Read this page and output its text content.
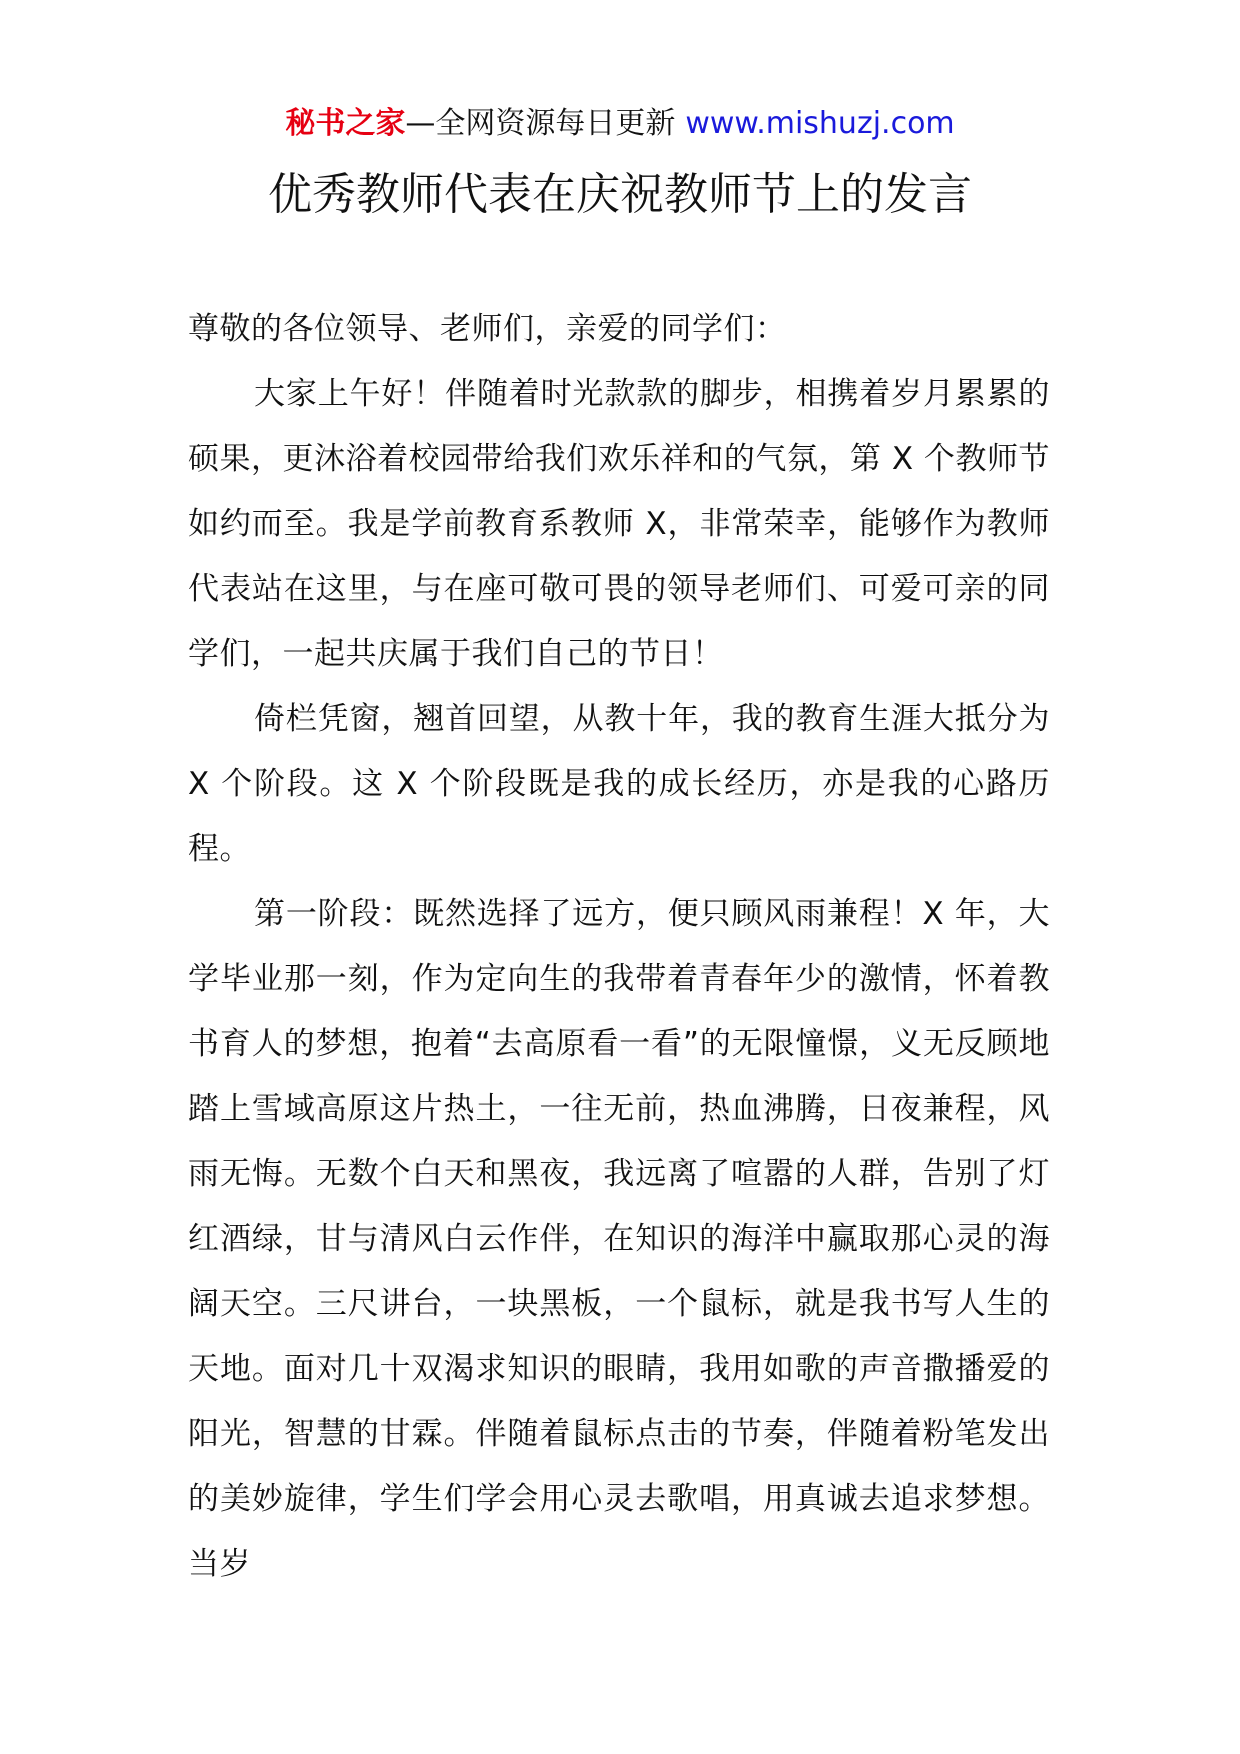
秘书之家—全网资源每日更新 www.mishuzj.com
优秀教师代表在庆祝教师节上的发言

尊敬的各位领导、老师们，亲爱的同学们：

大家上午好！伴随着时光款款的脚步，相携着岁月累累的硕果，更沐浴着校园带给我们欢乐祥和的气氛，第 X 个教师节如约而至。我是学前教育系教师 X，非常荣幸，能够作为教师代表站在这里，与在座可敬可畏的领导老师们、可爱可亲的同学们，一起共庆属于我们自己的节日！

倚栏凭窗，翘首回望，从教十年，我的教育生涯大抵分为 X 个阶段。这 X 个阶段既是我的成长经历，亦是我的心路历程。

第一阶段：既然选择了远方，便只顾风雨兼程！X 年，大学毕业那一刻，作为定向生的我带着青春年少的激情，怀着教书育人的梦想，抱着“去高原看一看”的无限憧憬，义无反顾地踏上雪域高原这片热土，一往无前，热血沸腾，日夜兼程，风雨无悔。无数个白天和黑夜，我远离了喧嚣的人群，告别了灯红酒绿，甘与清风白云作伴，在知识的海洋中赢取那心灵的海阔天空。三尺讲台，一块黑板，一个鼠标，就是我书写人生的天地。面对几十双渴求知识的眼睛，我用如歌的声音撒播爱的阳光，智慧的甘霖。伴随着鼠标点击的节奏，伴随着粉笔发出的美妙旋律，学生们学会用心灵去歌唱，用真诚去追求梦想。当岁
